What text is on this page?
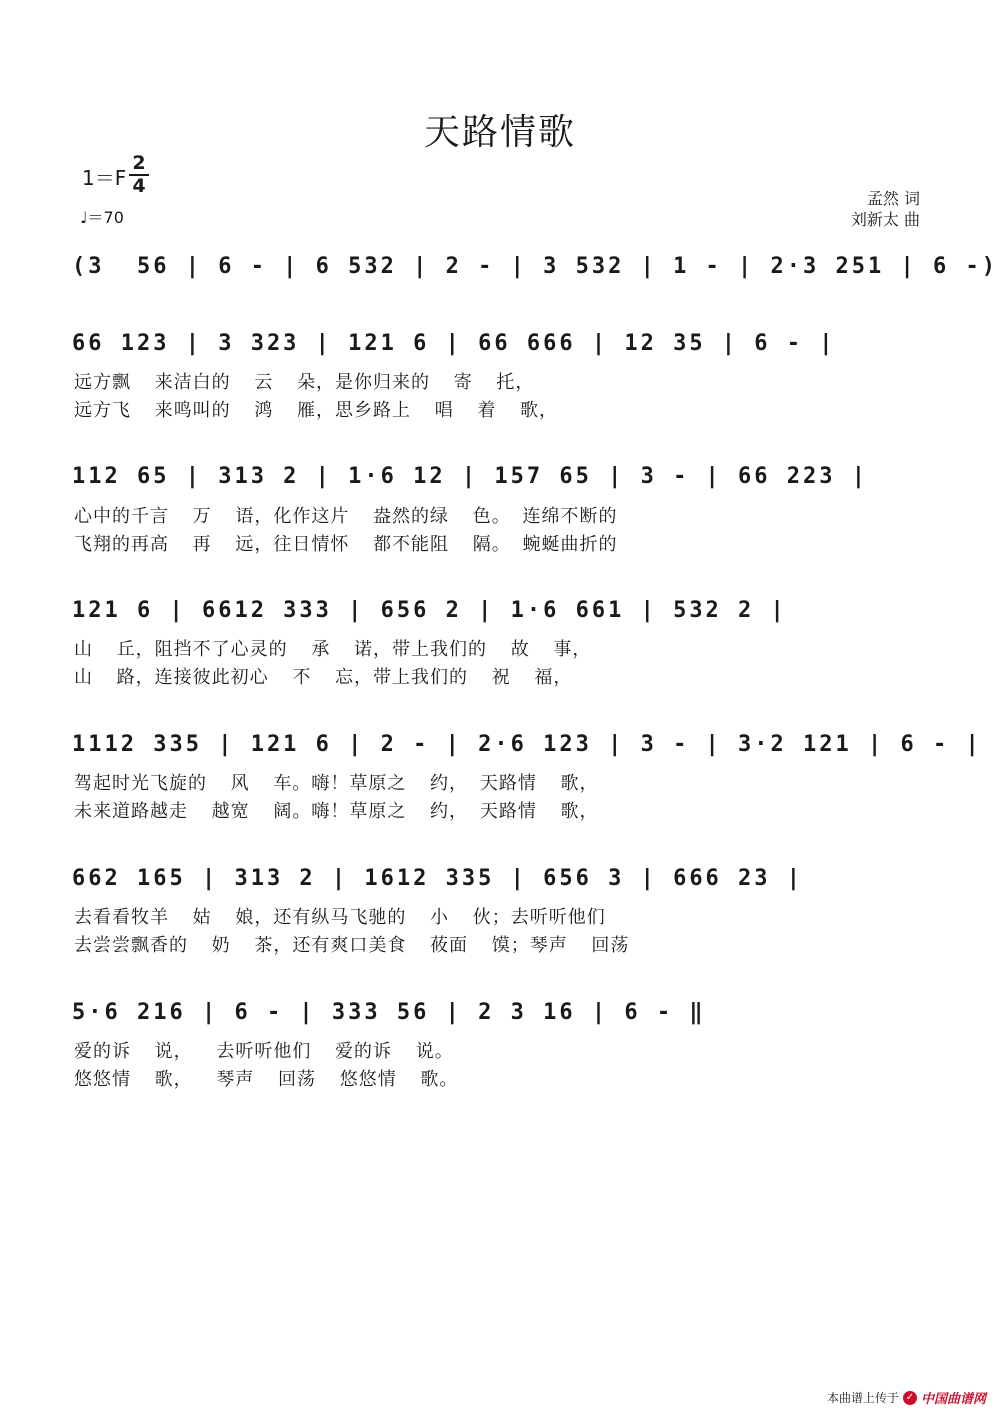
天路情歌
1＝F
2
4
♩＝70
孟然 词
刘新太 曲
(3  56 | 6 - | 6 532 | 2 - | 3 532 | 1 - | 2·3 251 | 6 -)
66 123 | 3 323 | 121 6 | 66 666 | 12 35 | 6 - |
远方飘  来洁白的  云  朵，是你归来的  寄  托，
远方飞  来鸣叫的  鸿  雁，思乡路上  唱  着  歌，
112 65 | 313 2 | 1·6 12 | 157 65 | 3 - | 66 223 |
心中的千言  万  语，化作这片  盎然的绿  色。 连绵不断的
飞翔的再高  再  远，往日情怀  都不能阻  隔。 蜿蜒曲折的
121 6 | 6612 333 | 656 2 | 1·6 661 | 532 2 |
山  丘，阻挡不了心灵的  承  诺，带上我们的  故  事，
山  路，连接彼此初心  不  忘，带上我们的  祝  福，
1112 335 | 121 6 | 2 - | 2·6 123 | 3 - | 3·2 121 | 6 - |
驾起时光飞旋的  风  车。嗨！草原之  约， 天路情  歌，
未来道路越走  越宽  阔。嗨！草原之  约， 天路情  歌，
662 165 | 313 2 | 1612 335 | 656 3 | 666 23 |
去看看牧羊  姑  娘，还有纵马飞驰的  小  伙；去听听他们
去尝尝飘香的  奶  茶，还有爽口美食  莜面  馍；琴声  回荡
5·6 216 | 6 - | 333 56 | 2 3 16 | 6 - ‖
爱的诉  说，  去听听他们  爱的诉  说。
悠悠情  歌，  琴声  回荡  悠悠情  歌。
本曲谱上传于 ✓ 中国曲谱网
